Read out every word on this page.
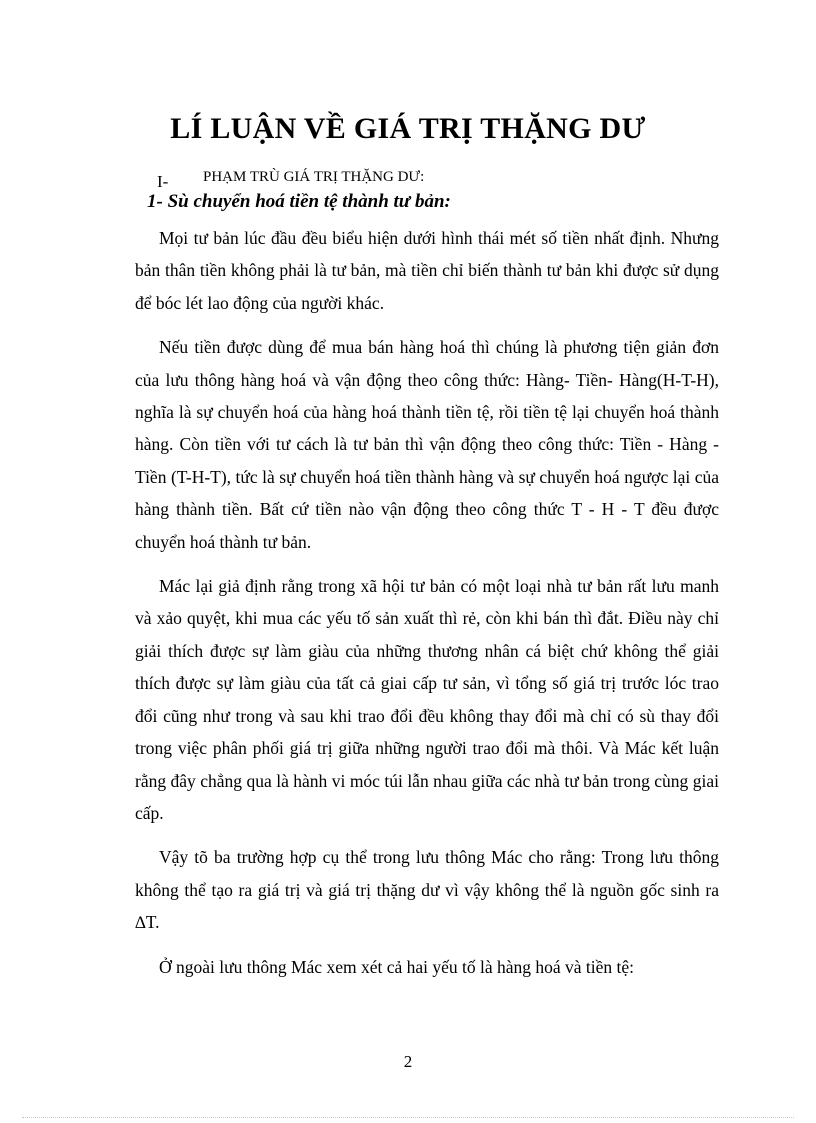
LÍ LUẬN VỀ GIÁ TRỊ THẶNG DƯ

I- PHẠM TRÙ GIÁ TRỊ THẶNG DƯ:

1- Sù chuyển hoá tiền tệ thành tư bản:

Mọi tư bản lúc đầu đều biểu hiện dưới hình thái mét số tiền nhất định. Nhưng bản thân tiền không phải là tư bản, mà tiền chỉ biến thành tư bản khi được sử dụng để bóc lét lao động của người khác.

Nếu tiền được dùng để mua bán hàng hoá thì chúng là phương tiện giản đơn của lưu thông hàng hoá và vận động theo công thức: Hàng- Tiền- Hàng(H-T-H), nghĩa là sự chuyển hoá của hàng hoá thành tiền tệ, rồi tiền tệ lại chuyển hoá thành hàng. Còn tiền với tư cách là tư bản thì vận động theo công thức: Tiền - Hàng - Tiền (T-H-T), tức là sự chuyển hoá tiền thành hàng và sự chuyển hoá ngược lại của hàng thành tiền. Bất cứ tiền nào vận động theo công thức T - H - T đều được chuyển hoá thành tư bản.

Mác lại giả định rằng trong xã hội tư bản có một loại nhà tư bản rất lưu manh và xảo quyệt, khi mua các yếu tố sản xuất thì rẻ, còn khi bán thì đắt. Điều này chỉ giải thích được sự làm giàu của những thương nhân cá biệt chứ không thể giải thích được sự làm giàu của tất cả giai cấp tư sản, vì tổng số giá trị trước lóc trao đổi cũng như trong và sau khi trao đổi đều không thay đổi mà chỉ có sù thay đổi trong việc phân phối giá trị giữa những người trao đổi mà thôi. Và Mác kết luận rằng đây chẳng qua là hành vi móc túi lẫn nhau giữa các nhà tư bản trong cùng giai cấp.

Vậy tõ ba trường hợp cụ thể trong lưu thông Mác cho rằng: Trong lưu thông không thể tạo ra giá trị và giá trị thặng dư vì vậy không thể là nguồn gốc sinh ra ∆T.

Ở ngoài lưu thông Mác xem xét cả hai yếu tố là hàng hoá và tiền tệ:

2
